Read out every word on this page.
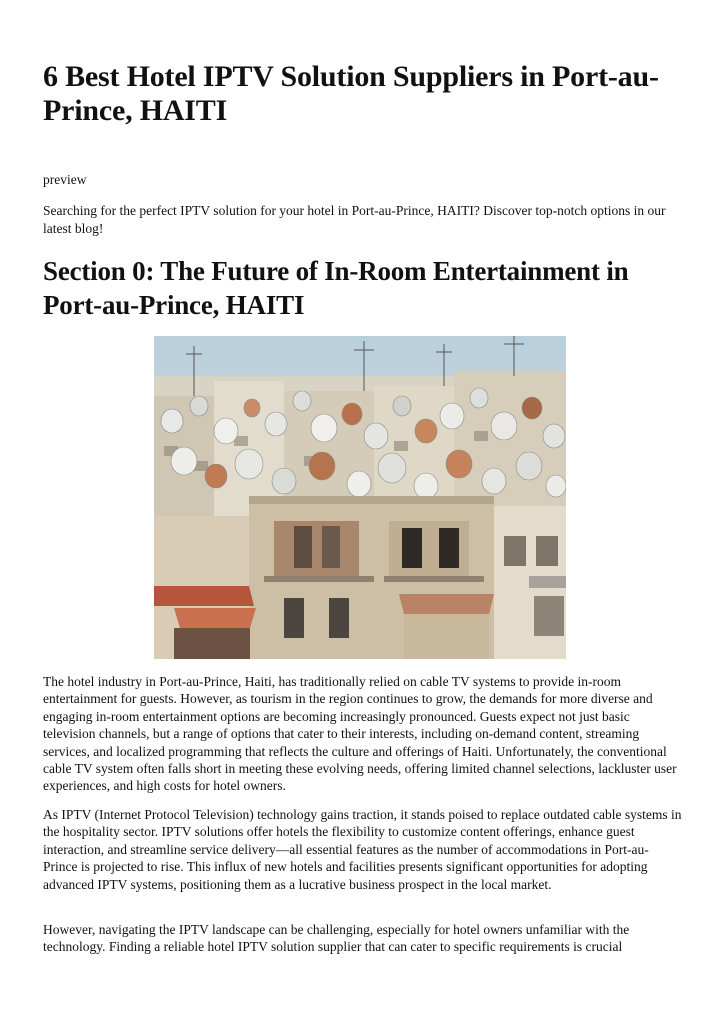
6 Best Hotel IPTV Solution Suppliers in Port-au-Prince, HAITI

preview

Searching for the perfect IPTV solution for your hotel in Port-au-Prince, HAITI? Discover top-notch options in our latest blog!

Section 0: The Future of In-Room Entertainment in Port-au-Prince, HAITI

The hotel industry in Port-au-Prince, Haiti, has traditionally relied on cable TV systems to provide in-room entertainment for guests. However, as tourism in the region continues to grow, the demands for more diverse and engaging in-room entertainment options are becoming increasingly pronounced. Guests expect not just basic television channels, but a range of options that cater to their interests, including on-demand content, streaming services, and localized programming that reflects the culture and offerings of Haiti. Unfortunately, the conventional cable TV system often falls short in meeting these evolving needs, offering limited channel selections, lackluster user experiences, and high costs for hotel owners.

As IPTV (Internet Protocol Television) technology gains traction, it stands poised to replace outdated cable systems in the hospitality sector. IPTV solutions offer hotels the flexibility to customize content offerings, enhance guest interaction, and streamline service delivery—all essential features as the number of accommodations in Port-au-Prince is projected to rise. This influx of new hotels and facilities presents significant opportunities for adopting advanced IPTV systems, positioning them as a lucrative business prospect in the local market.

However, navigating the IPTV landscape can be challenging, especially for hotel owners unfamiliar with the technology. Finding a reliable hotel IPTV solution supplier that can cater to specific requirements is crucial
